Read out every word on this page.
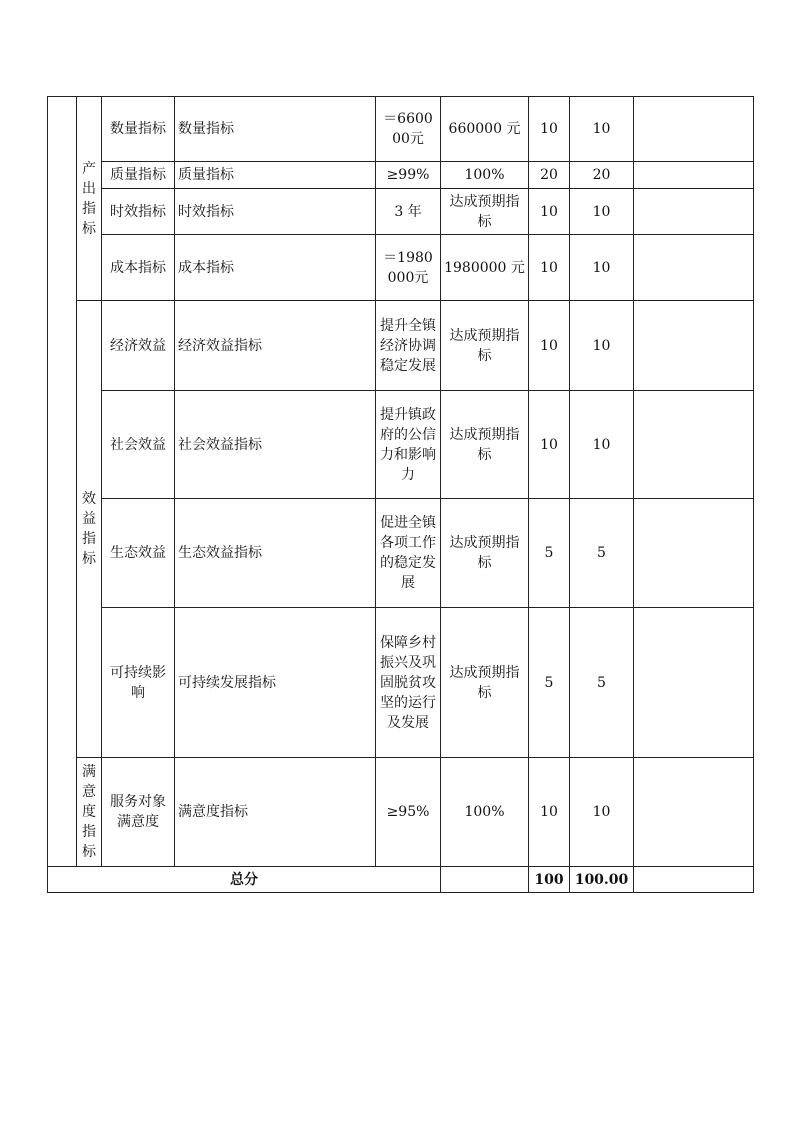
	产出指标	数量指标	数量指标	＝660000元	660000 元	10	10	
		质量指标	质量指标	≥99%	100%	20	20	
		时效指标	时效指标	3 年	达成预期指标	10	10	
		成本指标	成本指标	＝1980000元	1980000 元	10	10	
	效益指标	经济效益	经济效益指标	提升全镇经济协调稳定发展	达成预期指标	10	10	
		社会效益	社会效益指标	提升镇政府的公信力和影响力	达成预期指标	10	10	
		生态效益	生态效益指标	促进全镇各项工作的稳定发展	达成预期指标	5	5	
		可持续影响	可持续发展指标	保障乡村振兴及巩固脱贫攻坚的运行及发展	达成预期指标	5	5	
	满意度指标	服务对象满意度	满意度指标	≥95%	100%	10	10	
总分						100	100.00	
